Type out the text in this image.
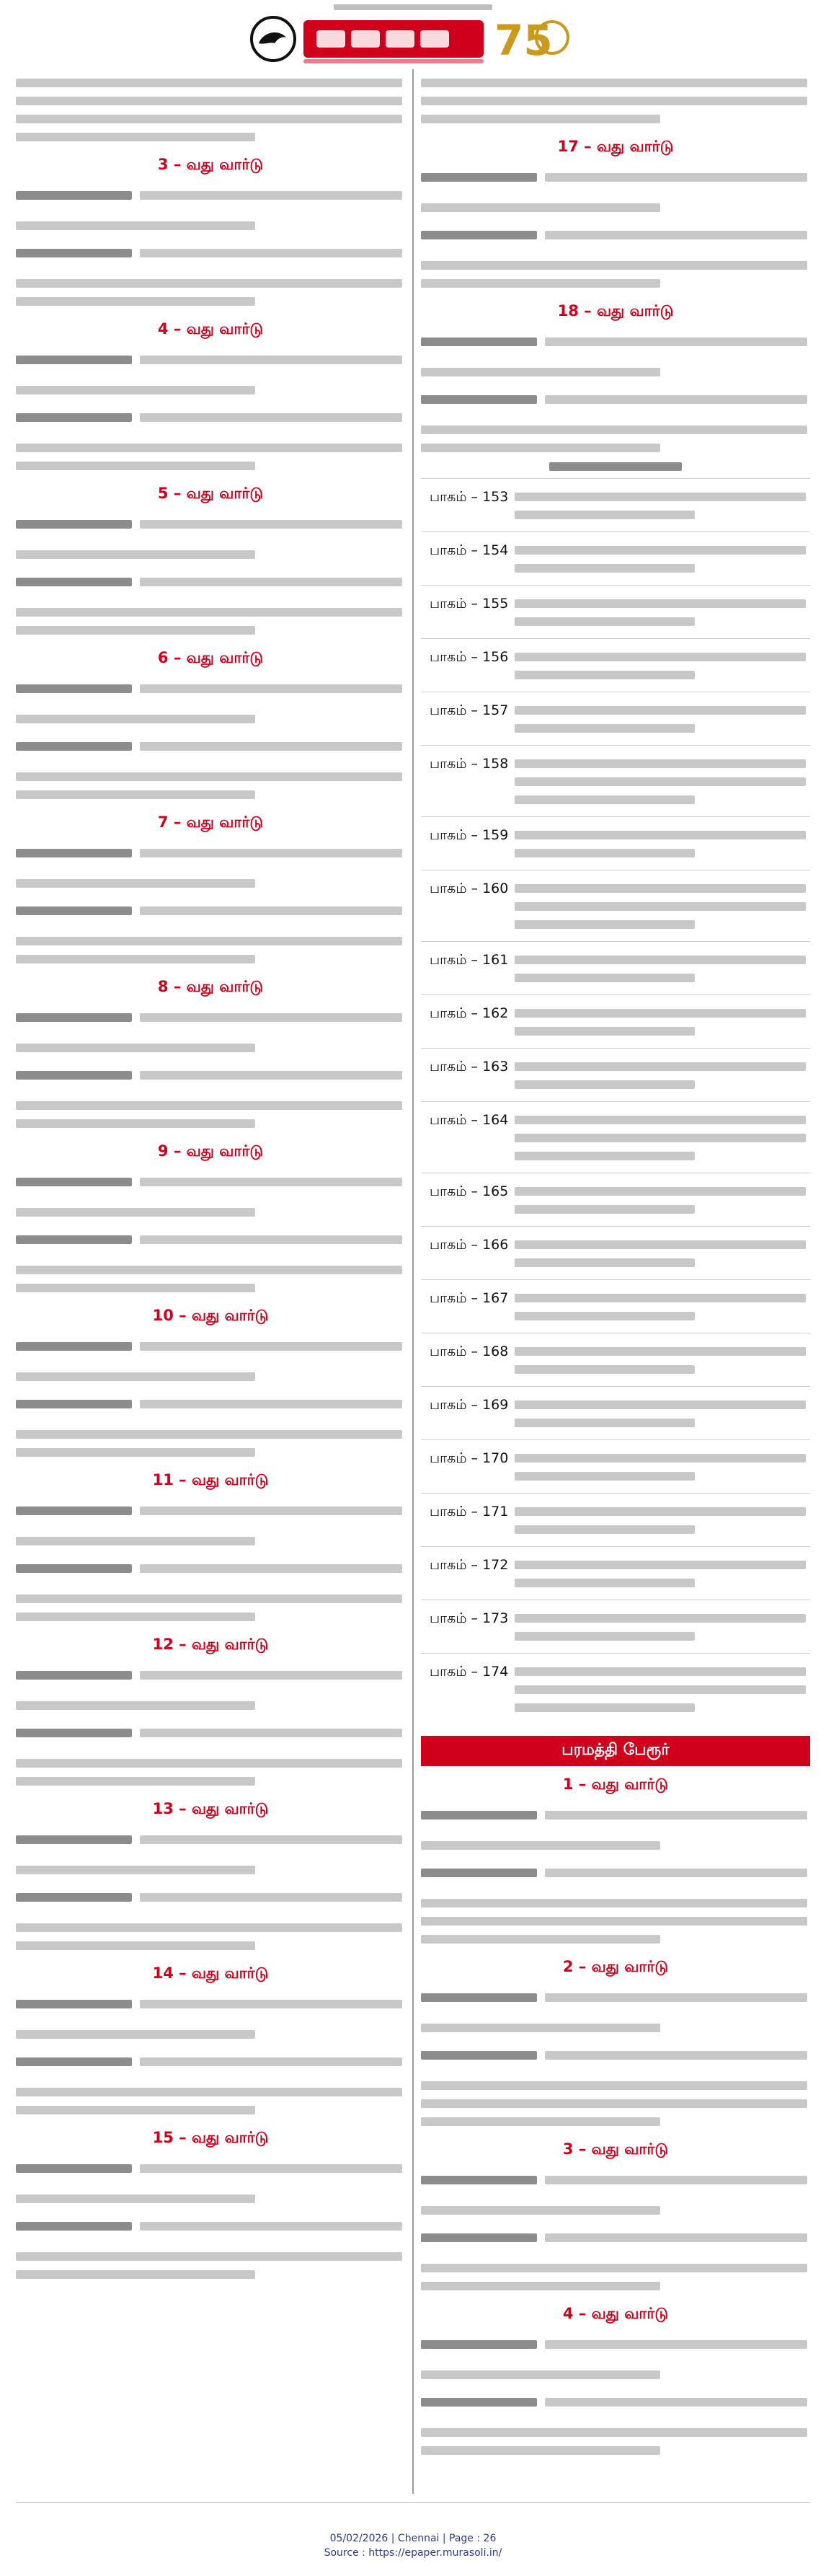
75
3 – வது வார்டு
4 – வது வார்டு
5 – வது வார்டு
6 – வது வார்டு
7 – வது வார்டு
8 – வது வார்டு
9 – வது வார்டு
10 – வது வார்டு
11 – வது வார்டு
12 – வது வார்டு
13 – வது வார்டு
14 – வது வார்டு
15 – வது வார்டு
17 – வது வார்டு
18 – வது வார்டு
பாகம் – 153
பாகம் – 154
பாகம் – 155
பாகம் – 156
பாகம் – 157
பாகம் – 158
பாகம் – 159
பாகம் – 160
பாகம் – 161
பாகம் – 162
பாகம் – 163
பாகம் – 164
பாகம் – 165
பாகம் – 166
பாகம் – 167
பாகம் – 168
பாகம் – 169
பாகம் – 170
பாகம் – 171
பாகம் – 172
பாகம் – 173
பாகம் – 174
பரமத்தி பேரூர்
1 – வது வார்டு
2 – வது வார்டு
3 – வது வார்டு
4 – வது வார்டு
05/02/2026 | Chennai | Page : 26
Source : https://epaper.murasoli.in/
